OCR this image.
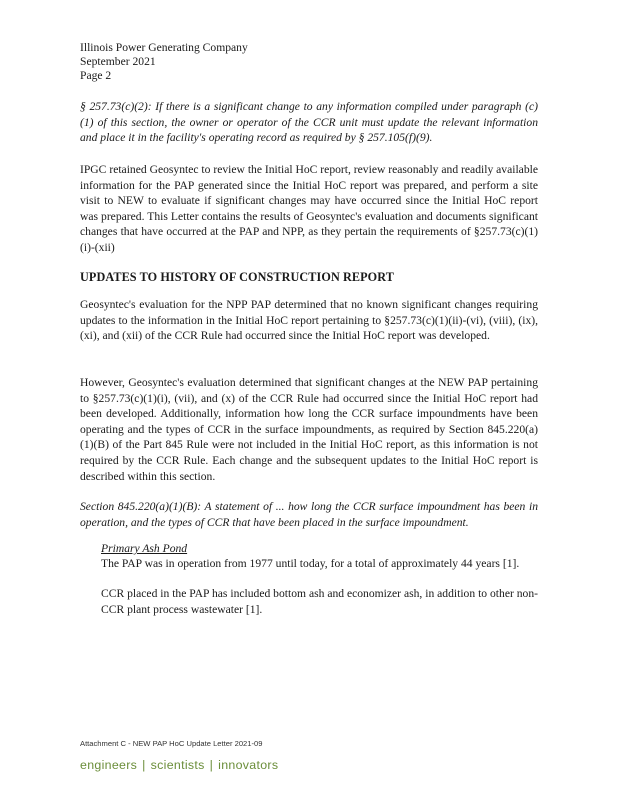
Illinois Power Generating Company
September 2021
Page 2

§ 257.73(c)(2): If there is a significant change to any information compiled under paragraph (c)(1) of this section, the owner or operator of the CCR unit must update the relevant information and place it in the facility's operating record as required by § 257.105(f)(9).

IPGC retained Geosyntec to review the Initial HoC report, review reasonably and readily available information for the PAP generated since the Initial HoC report was prepared, and perform a site visit to NEW to evaluate if significant changes may have occurred since the Initial HoC report was prepared. This Letter contains the results of Geosyntec's evaluation and documents significant changes that have occurred at the PAP and NPP, as they pertain the requirements of §257.73(c)(1)(i)-(xii)

UPDATES TO HISTORY OF CONSTRUCTION REPORT

Geosyntec's evaluation for the NPP PAP determined that no known significant changes requiring updates to the information in the Initial HoC report pertaining to §257.73(c)(1)(ii)-(vi), (viii), (ix), (xi), and (xii) of the CCR Rule had occurred since the Initial HoC report was developed.

However, Geosyntec's evaluation determined that significant changes at the NEW PAP pertaining to §257.73(c)(1)(i), (vii), and (x) of the CCR Rule had occurred since the Initial HoC report had been developed. Additionally, information how long the CCR surface impoundments have been operating and the types of CCR in the surface impoundments, as required by Section 845.220(a)(1)(B) of the Part 845 Rule were not included in the Initial HoC report, as this information is not required by the CCR Rule. Each change and the subsequent updates to the Initial HoC report is described within this section.

Section 845.220(a)(1)(B): A statement of ... how long the CCR surface impoundment has been in operation, and the types of CCR that have been placed in the surface impoundment.

Primary Ash Pond

The PAP was in operation from 1977 until today, for a total of approximately 44 years [1].

CCR placed in the PAP has included bottom ash and economizer ash, in addition to other non-CCR plant process wastewater [1].

Attachment C - NEW PAP HoC Update Letter 2021-09
engineers | scientists | innovators
